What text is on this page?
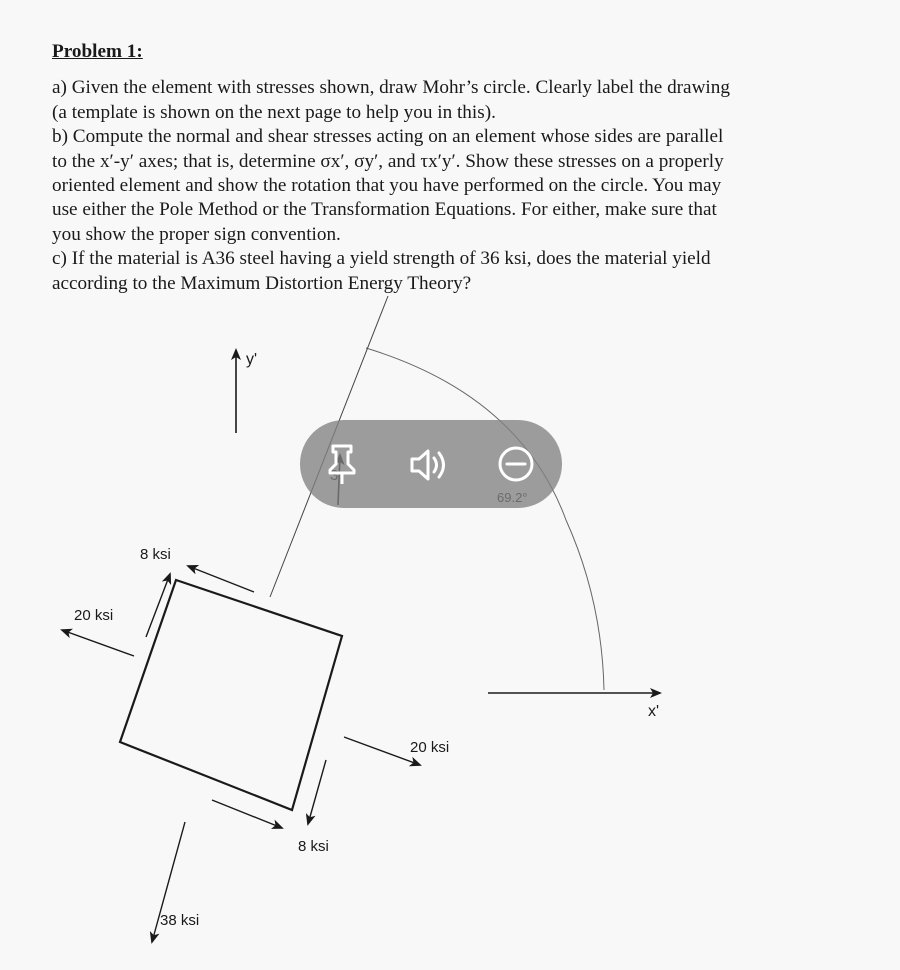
Problem 1:
a) Given the element with stresses shown, draw Mohr’s circle. Clearly label the drawing
(a template is shown on the next page to help you in this).
b) Compute the normal and shear stresses acting on an element whose sides are parallel
to the x′-y′ axes; that is, determine σx′, σy′, and τx′y′. Show these stresses on a properly
oriented element and show the rotation that you have performed on the circle. You may
use either the Pole Method or the Transformation Equations. For either, make sure that
you show the proper sign convention.
c) If the material is A36 steel having a yield strength of 36 ksi, does the material yield
according to the Maximum Distortion Energy Theory?
y'
x'
8 ksi
20 ksi
20 ksi
8 ksi
38 ksi
